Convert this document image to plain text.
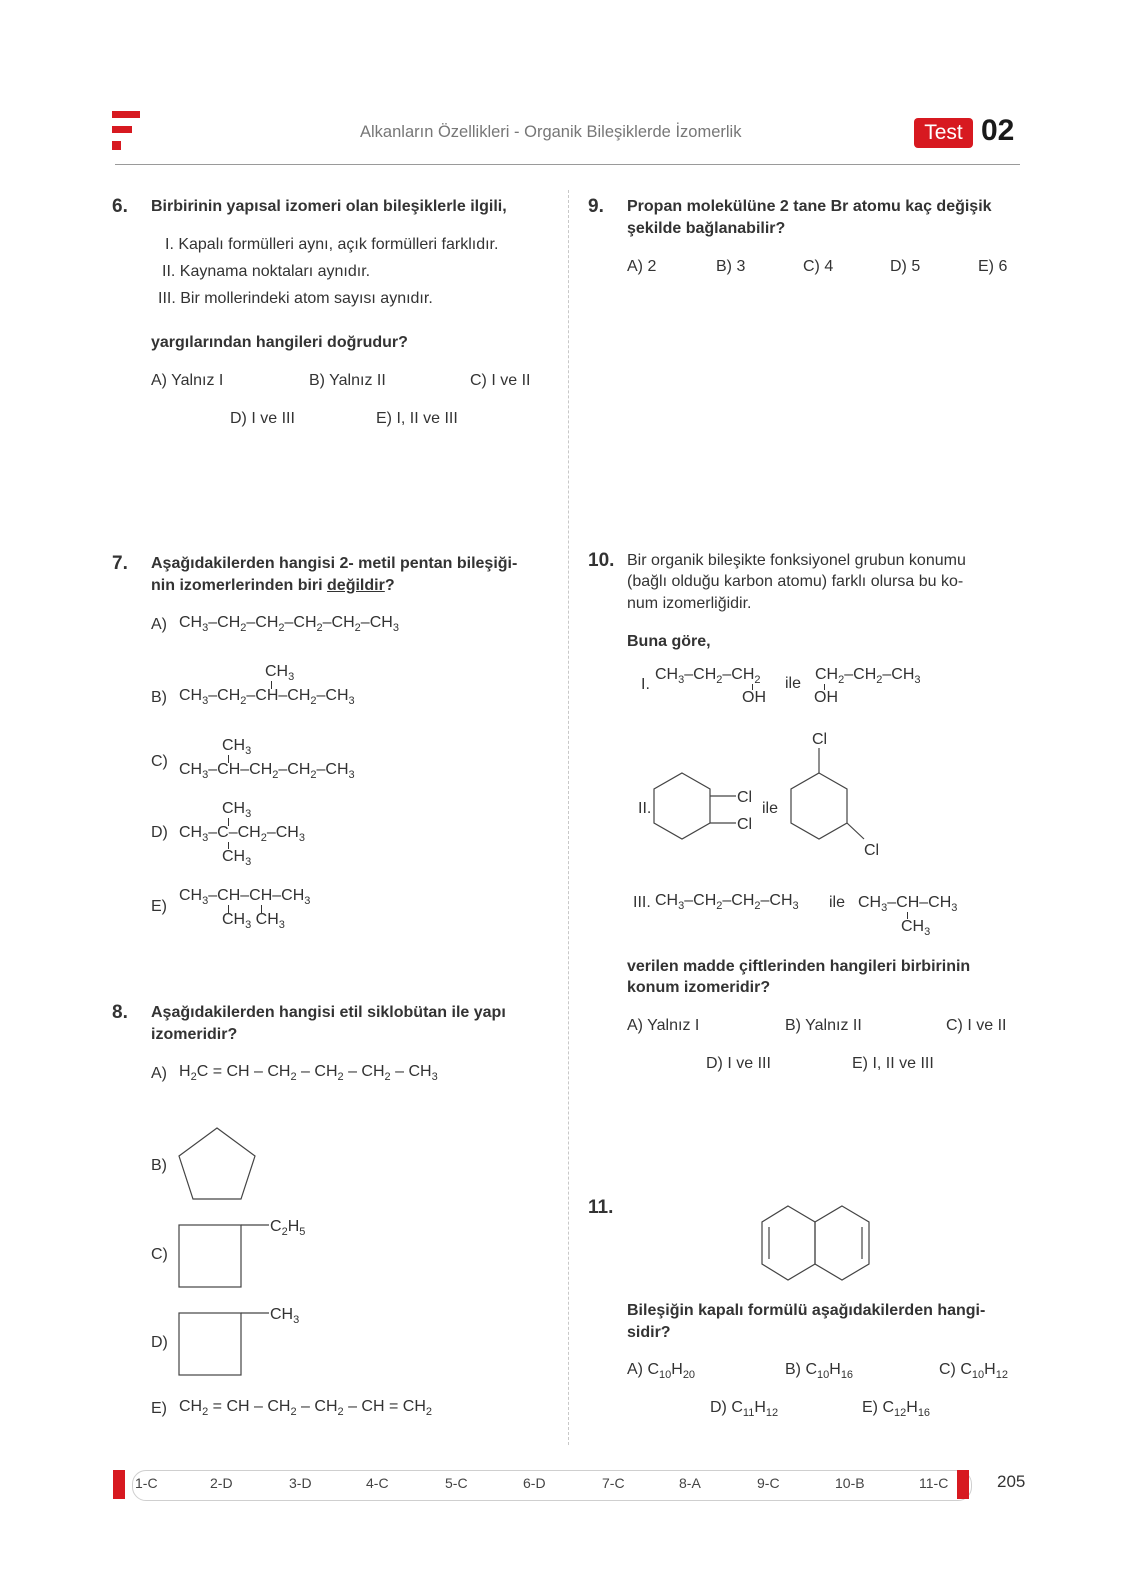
Alkanların Özellikleri - Organik Bileşiklerde İzomerlik	Test 02
6. Birbirinin yapısal izomeri olan bileşiklerle ilgili,
I. Kapalı formülleri aynı, açık formülleri farklıdır.
II. Kaynama noktaları aynıdır.
III. Bir mollerindeki atom sayısı aynıdır.
yargılarından hangileri doğrudur?
A) Yalnız I	B) Yalnız II	C) I ve II
D) I ve III	E) I, II ve III
7. Aşağıdakilerden hangisi 2- metil pentan bileşiği-
nin izomerlerinden biri değildir?
A) $CH_3-CH_2-CH_2-CH_2-CH_2-CH_3$
B)
$CH_3$
$CH_3-CH_2-CH-CH_2-CH_3$
C)
$CH_3$
$CH_3-CH-CH_2-CH_2-CH_3$
D)
$CH_3$
$CH_3-C-CH_2-CH_3$
$CH_3$
E)
$CH_3-CH-CH-CH_3$
$CH_3$ $CH_3$
8. Aşağıdakilerden hangisi etil siklobütan ile yapı
izomeridir?
A) $H_2C$ = CH – $CH_2 - CH_2 - CH_2 - CH_3$
B)
C)
$C_2H_5$
D)
$CH_3$
E) $CH_2$ = CH – $CH_2 - CH_2$ – CH = $CH_2$
9. Propan molekülüne 2 tane Br atomu kaç değişik
şekilde bağlanabilir?
A) 2	B) 3	C) 4	D) 5	E) 6
10. Bir organik bileşikte fonksiyonel grubun konumu
(bağlı olduğu karbon atomu) farklı olursa bu ko-
num izomerliğidir.
Buna göre,
I.
$CH_3-CH_2-CH_2$
OH
ile
$CH_2-CH_2-CH_3$
OH
II.
Cl
Cl
ile
Cl
Cl
III. $CH_3-CH_2-CH_2-CH_3$ ile $CH_3-CH-CH_3$
$CH_3$
verilen madde çiftlerinden hangileri birbirinin
konum izomeridir?
A) Yalnız I	B) Yalnız II	C) I ve II
D) I ve III	E) I, II ve III
11.
Bileşiğin kapalı formülü aşağıdakilerden hangi-
sidir?
A) $C_{10}H_{20}$	B) $C_{10}H_{16}$	C) $C_{10}H_{12}$
D) $C_{11}H_{12}$	E) $C_{12}H_{16}$
1-C	2-D	3-D	4-C	5-C	6-D	7-C	8-A	9-C	10-B	11-C	205
